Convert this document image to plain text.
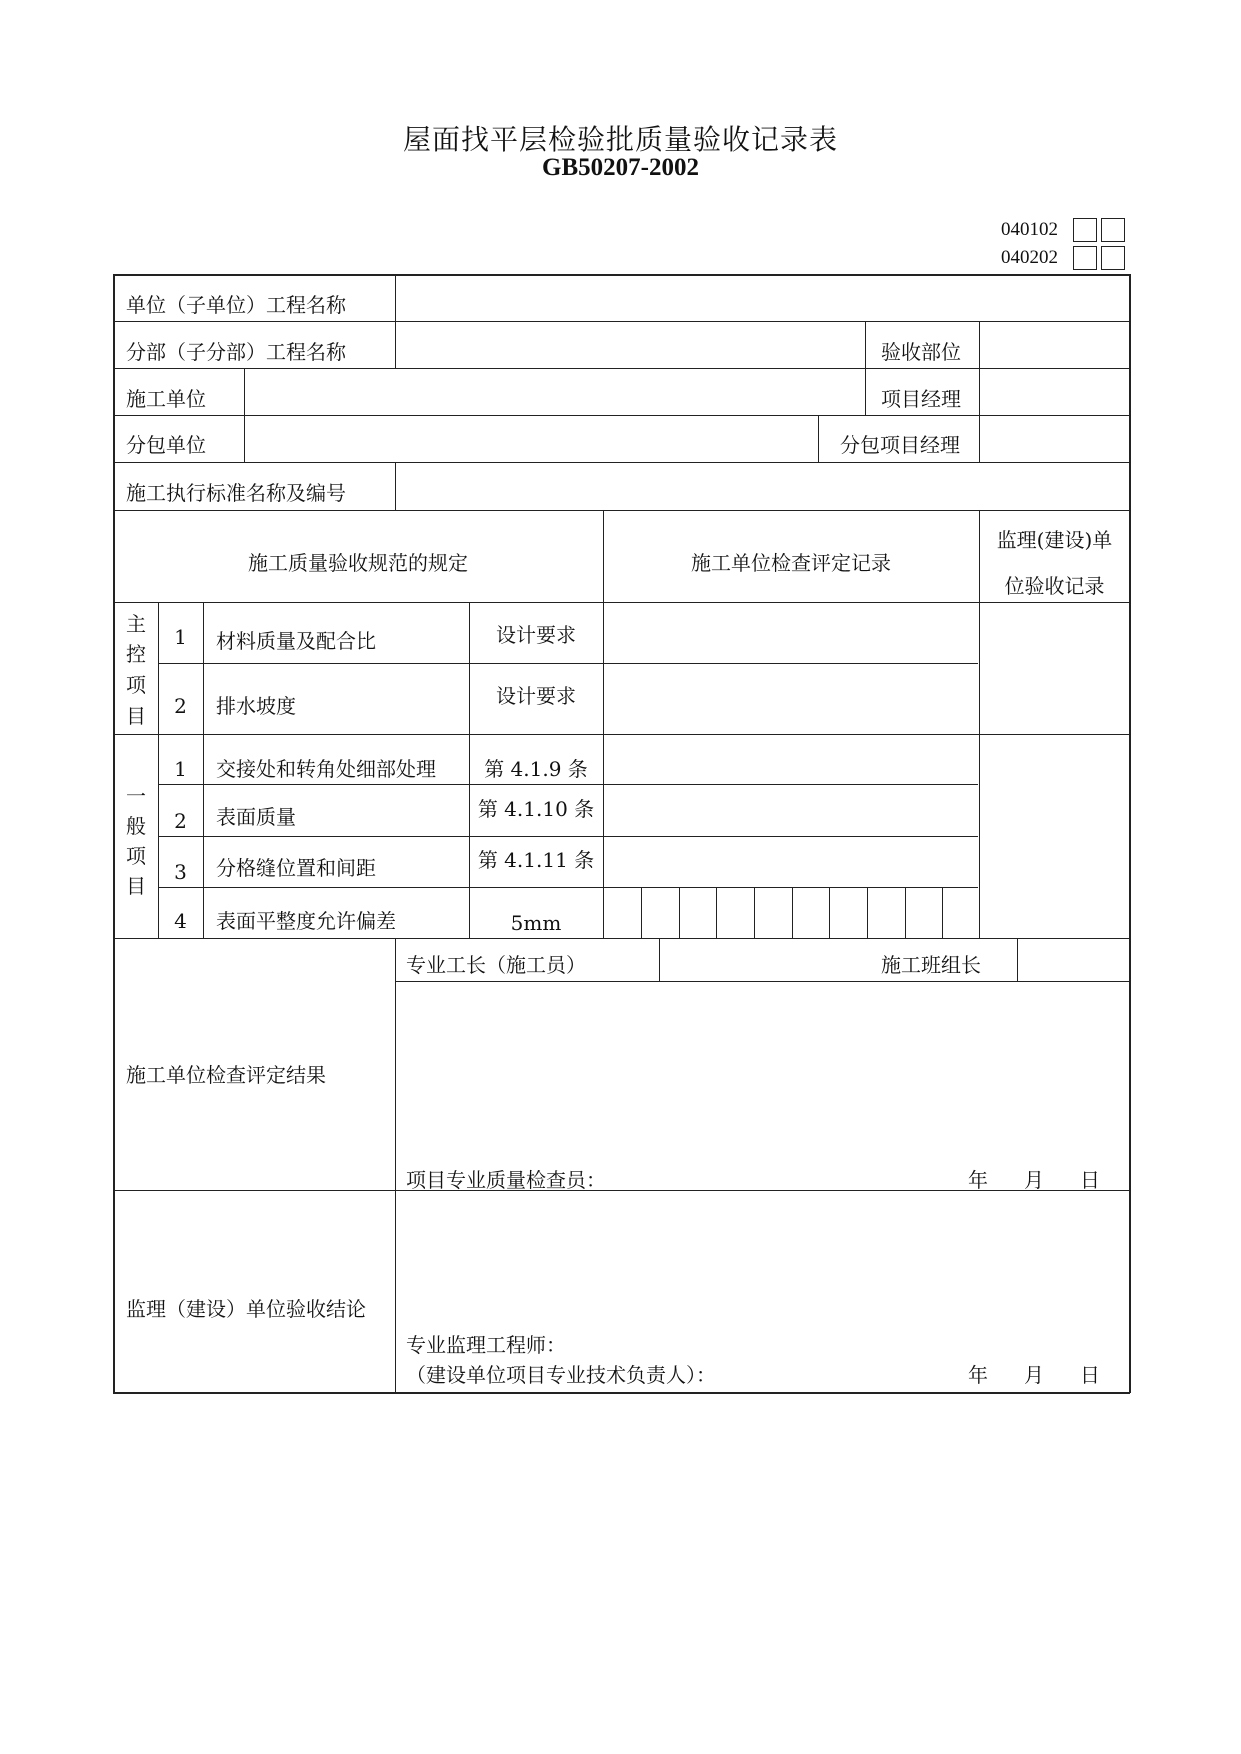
屋面找平层检验批质量验收记录表
GB50207-2002
040102
040202
单位（子单位）工程名称
分部（子分部）工程名称	验收部位
施工单位	项目经理
分包单位	分包项目经理
施工执行标准名称及编号
施工质量验收规范的规定	施工单位检查评定记录
监理(建设)单
位验收记录
主
控
项
目
1	材料质量及配合比	设计要求
2	排水坡度	设计要求
一
般
项
目
1	交接处和转角处细部处理	第 4.1.9 条
2	表面质量	第 4.1.10 条
3	分格缝位置和间距	第 4.1.11 条
4	表面平整度允许偏差	5mm
专业工长（施工员）	施工班组长
施工单位检查评定结果
项目专业质量检查员：	年 月 日
监理（建设）单位验收结论
专业监理工程师：
（建设单位项目专业技术负责人）：	年 月 日
